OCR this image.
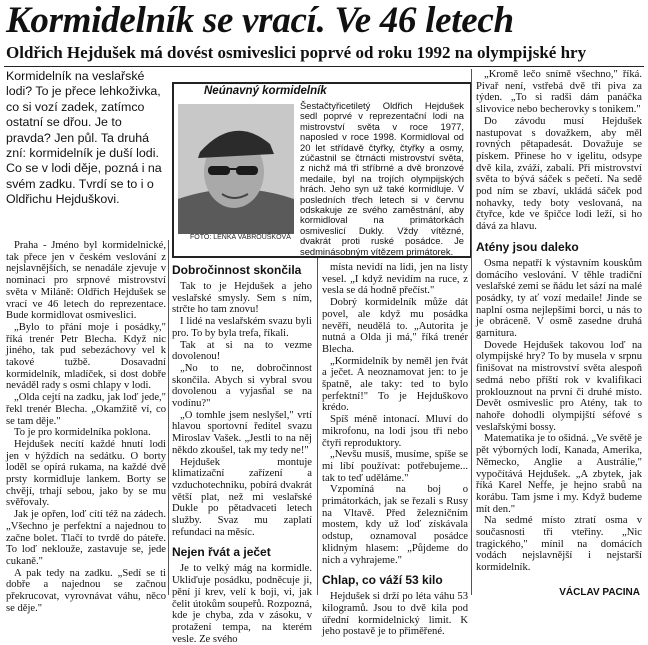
Kormidelník se vrací. Ve 46 letech
Oldřich Hejdušek má dovést osmiveslici poprvé od roku 1992 na olympijské hry
Kormidelník na veslařské lodi? To je přece lehkoživka, co si vozí zadek, zatímco ostatní se dřou. Je to pravda? Jen půl. Ta druhá zní: kormidelník je duší lodi. Co se v lodi děje, pozná i na svém zadku. Tvrdí se to i o Oldřichu Hejduškovi.
Neúnavný kormidelník
FOTO: LENKA VABROUŠKOVÁ
Šestačtyřicetiletý Oldřich Hejdušek sedl poprvé v reprezentační lodi na mistrovství světa v roce 1977, naposled v roce 1998. Kormidloval od 20 let střídavě čtyřky, čtyřky a osmy, zúčastnil se čtrnácti mistrovství světa, z nichž má tři stříbrné a dvě bronzové medaile, byl na trojích olympijských hrách. Jeho syn už také kormidluje. V posledních třech letech si v červnu odskakuje ze svého zaměstnání, aby kormidloval na primátorkách osmiveslicí Dukly. Vždy vítězné, dvakrát proti ruské posádce. Je sedminásobným vítězem primátorek.

„Kromě lečo snímě všechno," říká. Pivař není, vstřebá dvě tři piva za týden. „To si radši dám panáčka slivovice nebo becherovky s tonikem."

Do závodu musí Hejdušek nastupovat s dovažkem, aby měl rovných pětapadesát. Dovažuje se pískem. Přinese ho v igelitu, odsype dvě kila, zváží, zabalí. Při mistrovství světa to bývá sáček s pečetí. Na sedě pod ním se zbaví, ukládá sáček pod nohavky, tedy boty veslovaná, na čtyřce, kde ve špičce lodi leží, si ho dává za hlavu.

Atény jsou daleko

Osma nepatří k výstavním kouskům domácího veslování. V těhle tradiční veslařské zemi se ňádu let sází na malé posádky, ty ať vozí medaile! Jinde se naplní osma nejlepšími borci, u nás to je obráceně. V osmě zasedne druhá garnitura.

Dovede Hejdušek takovou loď na olympijské hry? To by musela v srpnu finišovat na mistrovství světa alespoň sedmá nebo příští rok v kvalifikaci proklouznout na první či druhé místo. Devět osmiveslic pro Atény, tak to nahoře dohodli olympijští séfové s veslařskými bossy.

Matematika je to ošidná. „Ve světě je pět výborných lodí, Kanada, Amerika, Německo, Anglie a Austrálie," vypočítává Hejdušek. „A zbytek, jak říká Karel Neffe, je hejno srabů na korábu. Tam jsme i my. Když budeme mít den."

Na sedmé místo ztratí osma v současnosti tři vteřiny. „Nic tragického," mínil na domácích vodách nejslavnější i nejstarší kormidelník.

Praha - Jméno byl kormidelnické, tak přece jen v českém veslování z nejslavnějších, se nenadále zjevuje v nominaci pro srpnové mistrovství světa v Miláně: Oldřich Hejdušek se vrací ve 46 letech do reprezentace. Bude kormidlovat osmiveslici.

„Bylo to přání moje i posádky," říká trenér Petr Blecha. Když nic jiného, tak pud sebezáchovy vel k takové tužbě. Dosavadní kormidelník, mladíček, si dost dobře neváděl rady s osmi chlapy v lodi.

„Olda cejtí na zadku, jak loď jede," řekl trenér Blecha. „Okamžitě ví, co se tam děje."

To je pro kormidelníka poklona.

Hejdušek necítí každé hnutí lodi jen v hýždích na sedátku. O borty loděl se opírá rukama, na každé dvě prsty kormidluje lankem. Borty se chvějí, trhají sebou, jako by se mu svěřovaly.

Jak je opřen, loď cítí též na zádech. „Všechno je perfektní a najednou to začne bolet. Tlačí to tvrdě do páteře. To loď neklouže, zastavuje se, jede cukaně."

A pak tedy na zadku. „Sedí se ti dobře a najednou se začnou překrucovat, vyrovnávat váhu, něco se děje."

Dobročinnost skončila

Tak to je Hejdušek a jeho veslařské smysly. Sem s ním, strčte ho tam znovu!

I lidé na veslařském svazu byli pro. To by byla trefa, říkali.

Tak at si na to vezme dovolenou!

„No to ne, dobročinnost skončila. Abych si vybral svou dovolenou a vyjasňal se na vodínu?"

„O tomhle jsem neslyšel," vrtí hlavou sportovní ředitel svazu Miroslav Vašek. „Jestli to na něj někdo zkoušel, tak my tedy ne!"

Hejdušek montuje klimatizační zařízení a vzduchotechniku, pobírá dvakrát větší plat, než mi veslařské Dukle po pětadvaceti letech služby. Svaz mu zaplatí refundaci na měsíc.

Nejen řvát a ječet

Je to velký mág na kormidle. Ukliďuje posádku, podněcuje ji, pění jí krev, velí k boji, vi, jak čelit útokům soupeřů. Rozpozná, kde je chyba, zda v zásoku, v protažení tempa, na kterém vesle. Ze svého

místa nevidí na lidi, jen na listy vesel. „I když nevidím na ruce, z vesla se dá hodně přečíst."

Dobrý kormidelník může dát povel, ale když mu posádka nevěří, neudělá to. „Autorita je nutná a Olda ji má," říká trenér Blecha.

„Kormidelník by neměl jen řvát a ječet. A neoznamovat jen: to je špatně, ale taky: ted to bylo perfektní!" To je Hejduškovo krédo.

Spíš méně intonací. Mluví do mikrofonu, na lodi jsou tři nebo čtyři reproduktory.

„Nevšu musíš, musíme, spíše se mi líbí používat: potřebujeme... tak to teď uděláme."

Vzpomíná na boj o primátorkách, jak se řezali s Rusy na Vltavě. Před železničním mostem, kdy už loď získávala odstup, oznamoval posádce klidným hlasem: „Půjdeme do nich a vyhrajeme."

Chlap, co váží 53 kilo

Hejdušek si drží po léta váhu 53 kilogramů. Jsou to dvě kila pod úřední kormidelnický limit. K jeho postavě je to přiměřené.

VÁCLAV PACINA
